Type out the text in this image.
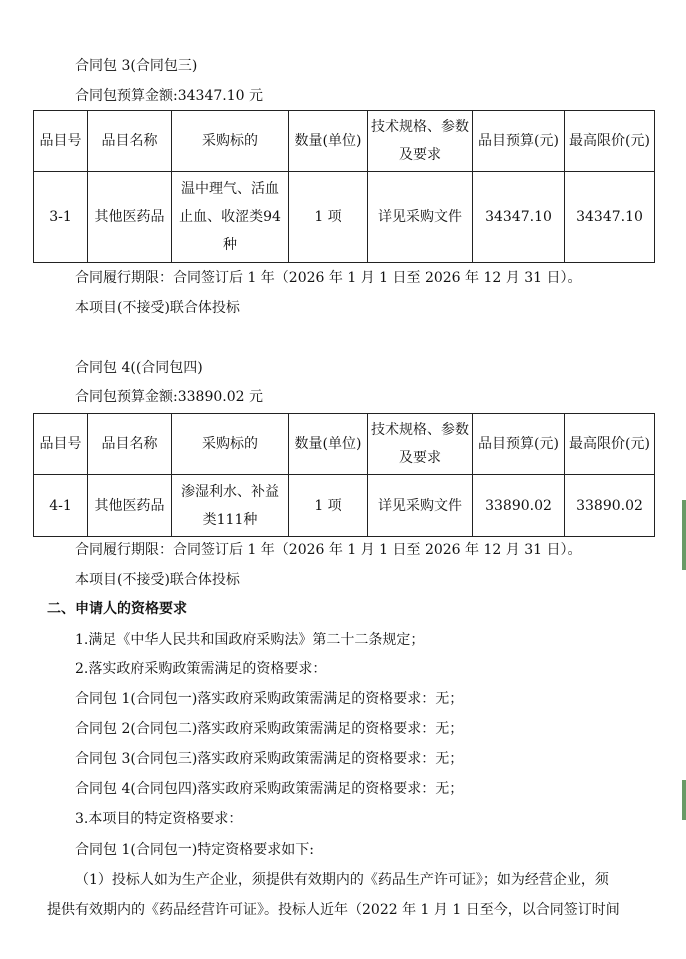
合同包 3(合同包三)
合同包预算金额:34347.10 元
品目号	品目名称	采购标的	数量(单位)	技术规格、参数及要求	品目预算(元)	最高限价(元)
3-1	其他医药品	温中理气、活血止血、收涩类94种	1 项	详见采购文件	34347.10	34347.10
合同履行期限：合同签订后 1 年（2026 年 1 月 1 日至 2026 年 12 月 31 日）。
本项目(不接受)联合体投标
合同包 4((合同包四)
合同包预算金额:33890.02 元
品目号	品目名称	采购标的	数量(单位)	技术规格、参数及要求	品目预算(元)	最高限价(元)
4-1	其他医药品	渗湿利水、补益类111种	1 项	详见采购文件	33890.02	33890.02
合同履行期限：合同签订后 1 年（2026 年 1 月 1 日至 2026 年 12 月 31 日）。
本项目(不接受)联合体投标
二、申请人的资格要求
1.满足《中华人民共和国政府采购法》第二十二条规定；
2.落实政府采购政策需满足的资格要求：
合同包 1(合同包一)落实政府采购政策需满足的资格要求：无；
合同包 2(合同包二)落实政府采购政策需满足的资格要求：无；
合同包 3(合同包三)落实政府采购政策需满足的资格要求：无；
合同包 4(合同包四)落实政府采购政策需满足的资格要求：无；
3.本项目的特定资格要求：
合同包 1(合同包一)特定资格要求如下:
（1）投标人如为生产企业，须提供有效期内的《药品生产许可证》；如为经营企业，须
提供有效期内的《药品经营许可证》。投标人近年（2022 年 1 月 1 日至今，以合同签订时间
